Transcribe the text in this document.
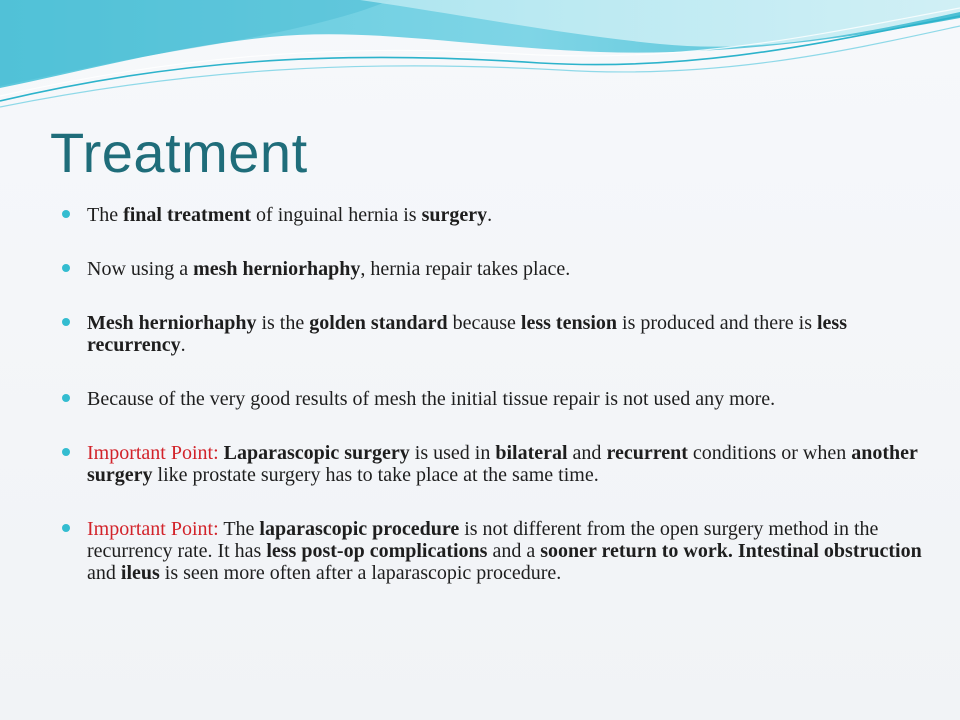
Treatment
The final treatment of inguinal hernia is surgery.
Now using a mesh herniorhaphy, hernia repair takes place.
Mesh herniorhaphy is the golden standard because less tension is produced and there is less recurrency.
Because of the very good results of mesh the initial tissue repair is not used any more.
Important Point: Laparascopic surgery is used in bilateral and recurrent conditions or when another surgery like prostate surgery has to take place at the same time.
Important Point: The laparascopic procedure is not different from the open surgery method in the recurrency rate. It has less post-op complications and a sooner return to work. Intestinal obstruction and ileus is seen more often after a laparascopic procedure.
